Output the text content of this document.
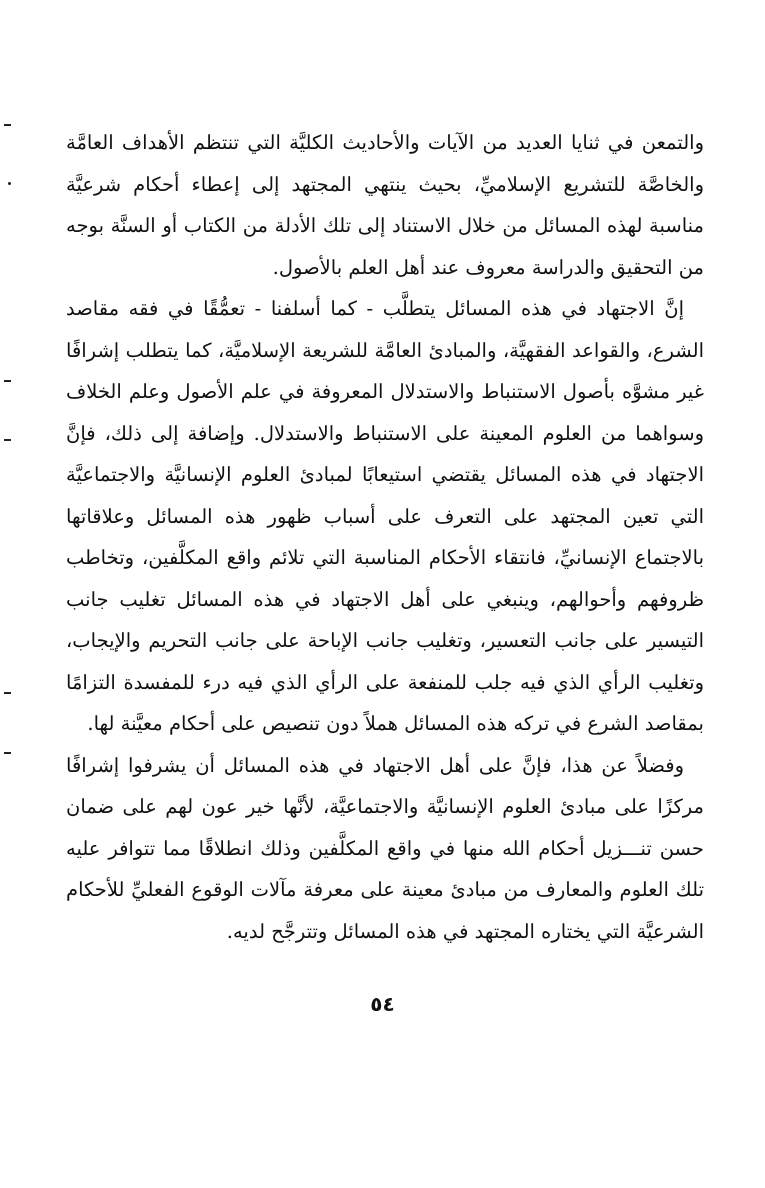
والتمعن في ثنايا العديد من الآيات والأحاديث الكليَّة التي تنتظم الأهداف العامَّة والخاصَّة للتشريع الإسلاميِّ، بحيث ينتهي المجتهد إلى إعطاء أحكام شرعيَّة مناسبة لهذه المسائل من خلال الاستناد إلى تلك الأدلة من الكتاب أو السنَّة بوجه من التحقيق والدراسة معروف عند أهل العلم بالأصول.

إنَّ الاجتهاد في هذه المسائل يتطلَّب - كما أسلفنا - تعمُّقًا في فقه مقاصد الشرع، والقواعد الفقهيَّة، والمبادئ العامَّة للشريعة الإسلاميَّة، كما يتطلب إشرافًا غير مشوَّه بأصول الاستنباط والاستدلال المعروفة في علم الأصول وعلم الخلاف وسواهما من العلوم المعينة على الاستنباط والاستدلال. وإضافة إلى ذلك، فإنَّ الاجتهاد في هذه المسائل يقتضي استيعابًا لمبادئ العلوم الإنسانيَّة والاجتماعيَّة التي تعين المجتهد على التعرف على أسباب ظهور هذه المسائل وعلاقاتها بالاجتماع الإنسانيِّ، فانتقاء الأحكام المناسبة التي تلائم واقع المكلَّفين، وتخاطب ظروفهم وأحوالهم، وينبغي على أهل الاجتهاد في هذه المسائل تغليب جانب التيسير على جانب التعسير، وتغليب جانب الإباحة على جانب التحريم والإيجاب، وتغليب الرأي الذي فيه جلب للمنفعة على الرأي الذي فيه درء للمفسدة التزامًا بمقاصد الشرع في تركه هذه المسائل هملاً دون تنصيص على أحكام معيَّنة لها.

وفضلاً عن هذا، فإنَّ على أهل الاجتهاد في هذه المسائل أن يشرفوا إشرافًا مركزًا على مبادئ العلوم الإنسانيَّة والاجتماعيَّة، لأنَّها خير عون لهم على ضمان حسن تنـــزيل أحكام الله منها في واقع المكلَّفين وذلك انطلاقًا مما تتوافر عليه تلك العلوم والمعارف من مبادئ معينة على معرفة مآلات الوقوع الفعليِّ للأحكام الشرعيَّة التي يختاره المجتهد في هذه المسائل وتترجَّح لديه.

٥٤
